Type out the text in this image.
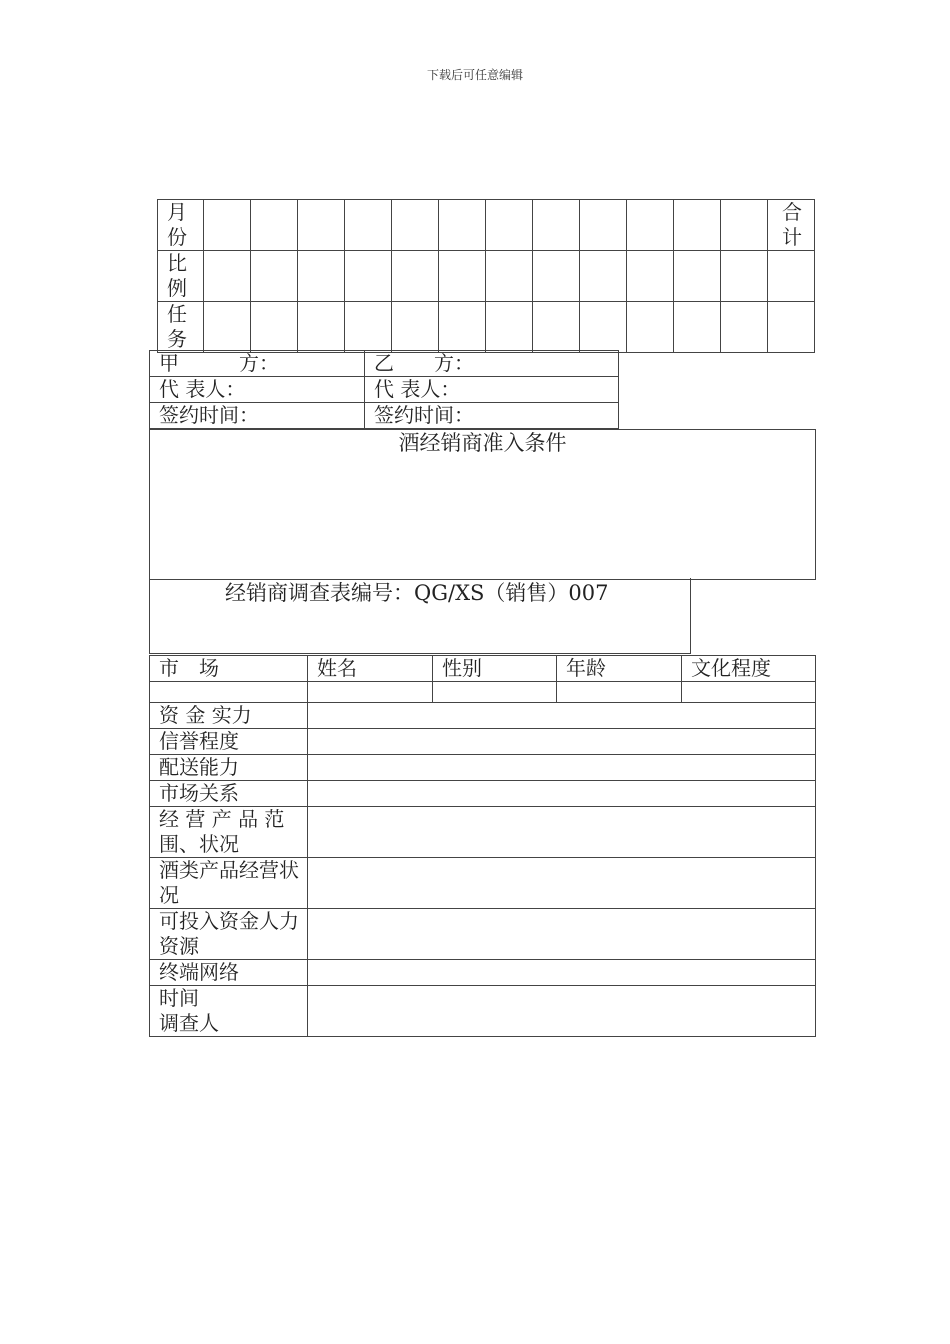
下载后可任意编辑
月份													合计
比例													
任务													
甲　　　方：	乙　　方：
代 表人：	代 表人：
签约时间：	签约时间：
酒经销商准入条件
经销商调查表编号：QG/XS（销售）007
市　场	姓名	性别	年龄	文化程度

资 金 实力				
信誉程度				
配送能力				
市场关系				
经 营 产 品 范围、状况				
酒类产品经营状况				
可投入资金人力资源				
终端网络				
时间
调查人				
